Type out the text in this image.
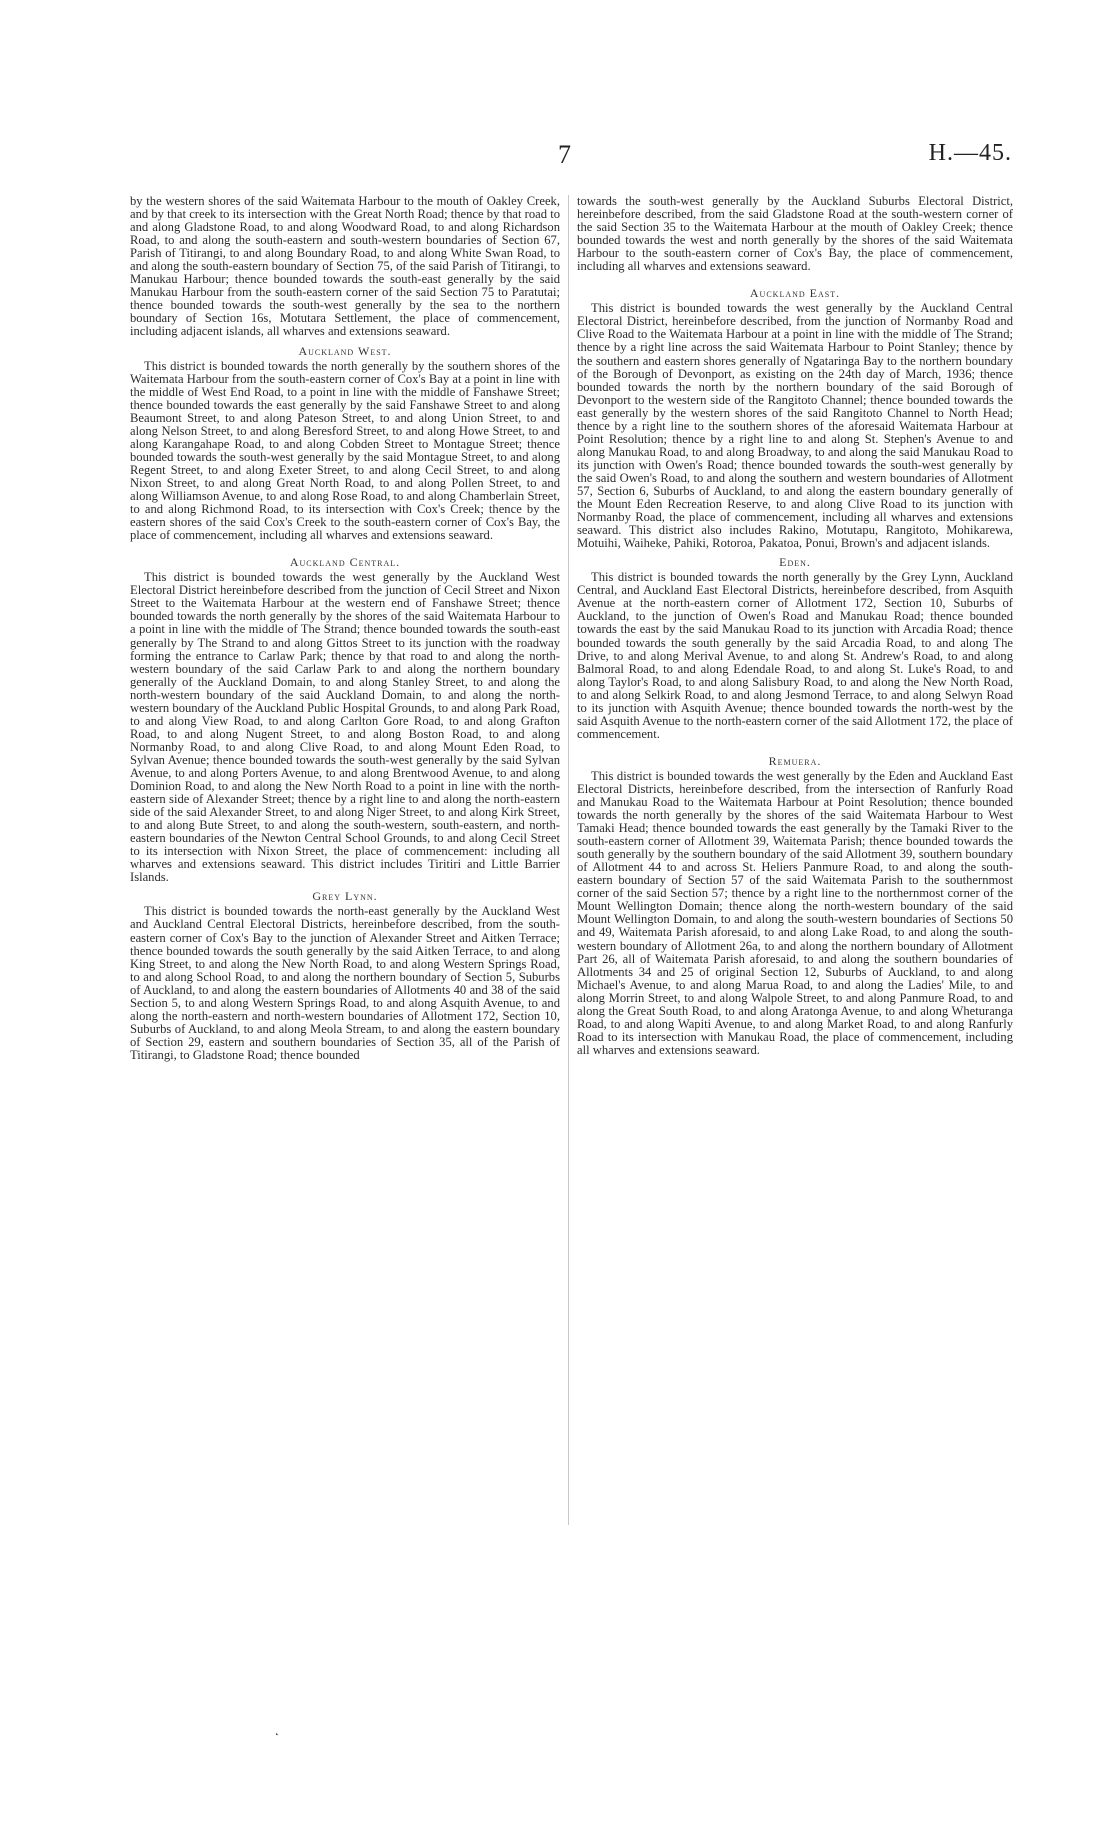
7	H.—45.

by the western shores of the said Waitemata Harbour to the mouth of Oakley Creek, and by that creek to its intersection with the Great North Road; thence by that road to and along Gladstone Road, to and along Woodward Road, to and along Richardson Road, to and along the south-eastern and south-western boundaries of Section 67, Parish of Titirangi, to and along Boundary Road, to and along White Swan Road, to and along the south-eastern boundary of Section 75, of the said Parish of Titirangi, to Manukau Harbour; thence bounded towards the south-east generally by the said Manukau Harbour from the south-eastern corner of the said Section 75 to Paratutai; thence bounded towards the south-west generally by the sea to the northern boundary of Section 16s, Motutara Settlement, the place of commencement, including adjacent islands, all wharves and extensions seaward.

Auckland West.

This district is bounded towards the north generally by the southern shores of the Waitemata Harbour from the south-eastern corner of Cox's Bay at a point in line with the middle of West End Road, to a point in line with the middle of Fanshawe Street; thence bounded towards the east generally by the said Fanshawe Street to and along Beaumont Street, to and along Pateson Street, to and along Union Street, to and along Nelson Street, to and along Beresford Street, to and along Howe Street, to and along Karangahape Road, to and along Cobden Street to Montague Street; thence bounded towards the south-west generally by the said Montague Street, to and along Regent Street, to and along Exeter Street, to and along Cecil Street, to and along Nixon Street, to and along Great North Road, to and along Pollen Street, to and along Williamson Avenue, to and along Rose Road, to and along Chamberlain Street, to and along Richmond Road, to its intersection with Cox's Creek; thence by the eastern shores of the said Cox's Creek to the south-eastern corner of Cox's Bay, the place of commencement, including all wharves and extensions seaward.

Auckland Central.

This district is bounded towards the west generally by the Auckland West Electoral District hereinbefore described from the junction of Cecil Street and Nixon Street to the Waitemata Harbour at the western end of Fanshawe Street; thence bounded towards the north generally by the shores of the said Waitemata Harbour to a point in line with the middle of The Strand; thence bounded towards the south-east generally by The Strand to and along Gittos Street to its junction with the roadway forming the entrance to Carlaw Park; thence by that road to and along the north-western boundary of the said Carlaw Park to and along the northern boundary generally of the Auckland Domain, to and along Stanley Street, to and along the north-western boundary of the said Auckland Domain, to and along the north-western boundary of the Auckland Public Hospital Grounds, to and along Park Road, to and along View Road, to and along Carlton Gore Road, to and along Grafton Road, to and along Nugent Street, to and along Boston Road, to and along Normanby Road, to and along Clive Road, to and along Mount Eden Road, to Sylvan Avenue; thence bounded towards the south-west generally by the said Sylvan Avenue, to and along Porters Avenue, to and along Brentwood Avenue, to and along Dominion Road, to and along the New North Road to a point in line with the north-eastern side of Alexander Street; thence by a right line to and along the north-eastern side of the said Alexander Street, to and along Niger Street, to and along Kirk Street, to and along Bute Street, to and along the south-western, south-eastern, and north-eastern boundaries of the Newton Central School Grounds, to and along Cecil Street to its intersection with Nixon Street, the place of commencement: including all wharves and extensions seaward. This district includes Tiritiri and Little Barrier Islands.

Grey Lynn.

This district is bounded towards the north-east generally by the Auckland West and Auckland Central Electoral Districts, hereinbefore described, from the south-eastern corner of Cox's Bay to the junction of Alexander Street and Aitken Terrace; thence bounded towards the south generally by the said Aitken Terrace, to and along King Street, to and along the New North Road, to and along Western Springs Road, to and along School Road, to and along the northern boundary of Section 5, Suburbs of Auckland, to and along the eastern boundaries of Allotments 40 and 38 of the said Section 5, to and along Western Springs Road, to and along Asquith Avenue, to and along the north-eastern and north-western boundaries of Allotment 172, Section 10, Suburbs of Auckland, to and along Meola Stream, to and along the eastern boundary of Section 29, eastern and southern boundaries of Section 35, all of the Parish of Titirangi, to Gladstone Road; thence bounded

towards the south-west generally by the Auckland Suburbs Electoral District, hereinbefore described, from the said Gladstone Road at the south-western corner of the said Section 35 to the Waitemata Harbour at the mouth of Oakley Creek; thence bounded towards the west and north generally by the shores of the said Waitemata Harbour to the south-eastern corner of Cox's Bay, the place of commencement, including all wharves and extensions seaward.

Auckland East.

This district is bounded towards the west generally by the Auckland Central Electoral District, hereinbefore described, from the junction of Normanby Road and Clive Road to the Waitemata Harbour at a point in line with the middle of The Strand; thence by a right line across the said Waitemata Harbour to Point Stanley; thence by the southern and eastern shores generally of Ngataringa Bay to the northern boundary of the Borough of Devonport, as existing on the 24th day of March, 1936; thence bounded towards the north by the northern boundary of the said Borough of Devonport to the western side of the Rangitoto Channel; thence bounded towards the east generally by the western shores of the said Rangitoto Channel to North Head; thence by a right line to the southern shores of the aforesaid Waitemata Harbour at Point Resolution; thence by a right line to and along St. Stephen's Avenue to and along Manukau Road, to and along Broadway, to and along the said Manukau Road to its junction with Owen's Road; thence bounded towards the south-west generally by the said Owen's Road, to and along the southern and western boundaries of Allotment 57, Section 6, Suburbs of Auckland, to and along the eastern boundary generally of the Mount Eden Recreation Reserve, to and along Clive Road to its junction with Normanby Road, the place of commencement, including all wharves and extensions seaward. This district also includes Rakino, Motutapu, Rangitoto, Mohikarewa, Motuihi, Waiheke, Pahiki, Rotoroa, Pakatoa, Ponui, Brown's and adjacent islands.

Eden.

This district is bounded towards the north generally by the Grey Lynn, Auckland Central, and Auckland East Electoral Districts, hereinbefore described, from Asquith Avenue at the north-eastern corner of Allotment 172, Section 10, Suburbs of Auckland, to the junction of Owen's Road and Manukau Road; thence bounded towards the east by the said Manukau Road to its junction with Arcadia Road; thence bounded towards the south generally by the said Arcadia Road, to and along The Drive, to and along Merival Avenue, to and along St. Andrew's Road, to and along Balmoral Road, to and along Edendale Road, to and along St. Luke's Road, to and along Taylor's Road, to and along Salisbury Road, to and along the New North Road, to and along Selkirk Road, to and along Jesmond Terrace, to and along Selwyn Road to its junction with Asquith Avenue; thence bounded towards the north-west by the said Asquith Avenue to the north-eastern corner of the said Allotment 172, the place of commencement.

Remuera.

This district is bounded towards the west generally by the Eden and Auckland East Electoral Districts, hereinbefore described, from the intersection of Ranfurly Road and Manukau Road to the Waitemata Harbour at Point Resolution; thence bounded towards the north generally by the shores of the said Waitemata Harbour to West Tamaki Head; thence bounded towards the east generally by the Tamaki River to the south-eastern corner of Allotment 39, Waitemata Parish; thence bounded towards the south generally by the southern boundary of the said Allotment 39, southern boundary of Allotment 44 to and across St. Heliers Panmure Road, to and along the south-eastern boundary of Section 57 of the said Waitemata Parish to the southernmost corner of the said Section 57; thence by a right line to the northernmost corner of the Mount Wellington Domain; thence along the north-western boundary of the said Mount Wellington Domain, to and along the south-western boundaries of Sections 50 and 49, Waitemata Parish aforesaid, to and along Lake Road, to and along the south-western boundary of Allotment 26a, to and along the northern boundary of Allotment Part 26, all of Waitemata Parish aforesaid, to and along the southern boundaries of Allotments 34 and 25 of original Section 12, Suburbs of Auckland, to and along Michael's Avenue, to and along Marua Road, to and along the Ladies' Mile, to and along Morrin Street, to and along Walpole Street, to and along Panmure Road, to and along the Great South Road, to and along Aratonga Avenue, to and along Wheturanga Road, to and along Wapiti Avenue, to and along Market Road, to and along Ranfurly Road to its intersection with Manukau Road, the place of commencement, including all wharves and extensions seaward.

˛
